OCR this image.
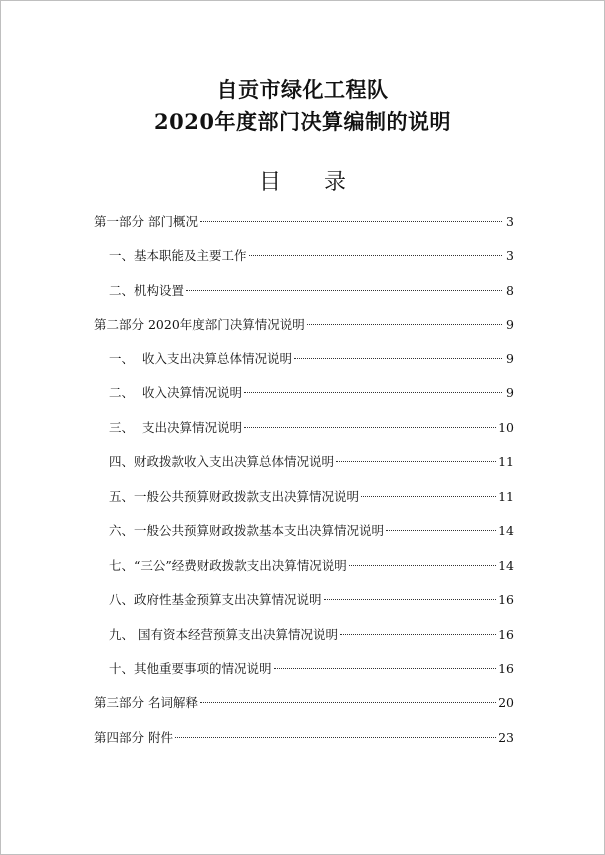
自贡市绿化工程队
2020年度部门决算编制的说明
目 录
第一部分 部门概况	3
一、基本职能及主要工作	3
二、机构设置	8
第二部分 2020年度部门决算情况说明	9
一、  收入支出决算总体情况说明	9
二、  收入决算情况说明	9
三、  支出决算情况说明	10
四、财政拨款收入支出决算总体情况说明	11
五、一般公共预算财政拨款支出决算情况说明	11
六、一般公共预算财政拨款基本支出决算情况说明	14
七、“三公”经费财政拨款支出决算情况说明	14
八、政府性基金预算支出决算情况说明	16
九、 国有资本经营预算支出决算情况说明	16
十、其他重要事项的情况说明	16
第三部分 名词解释	20
第四部分 附件	23
